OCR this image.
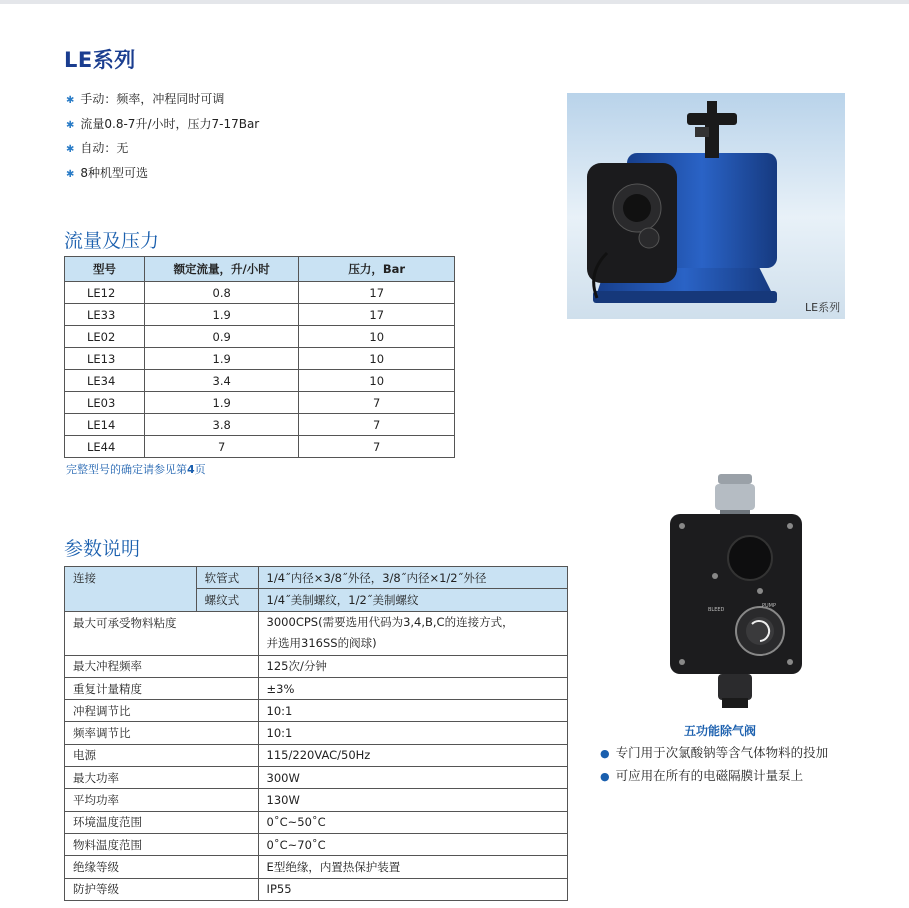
LE系列
✱ 手动：频率，冲程同时可调
✱ 流量0.8-7升/小时，压力7-17Bar
✱ 自动：无
✱ 8种机型可选
流量及压力
型号	额定流量，升/小时	压力，Bar
LE12	0.8	17
LE33	1.9	17
LE02	0.9	10
LE13	1.9	10
LE34	3.4	10
LE03	1.9	7
LE14	3.8	7
LE44	7	7
完整型号的确定请参见第4页
参数说明
连接	软管式	1/4˝内径×3/8˝外径，3/8˝内径×1/2˝外径
	螺纹式	1/4˝美制螺纹，1/2˝美制螺纹
最大可承受物料粘度		3000CPS(需要选用代码为3,4,B,C的连接方式，
并选用316SS的阀球)

最大冲程频率		125次/分钟
重复计量精度		±3%
冲程调节比		10:1
频率调节比		10:1
电源		115/220VAC/50Hz
最大功率		300W
平均功率		130W
环境温度范围		0˚C~50˚C
物料温度范围		0˚C~70˚C
绝缘等级		E型绝缘，内置热保护装置
防护等级		IP55
LE系列
BLEED
PUMP
五功能除气阀
● 专门用于次氯酸钠等含气体物料的投加
● 可应用在所有的电磁隔膜计量泵上
